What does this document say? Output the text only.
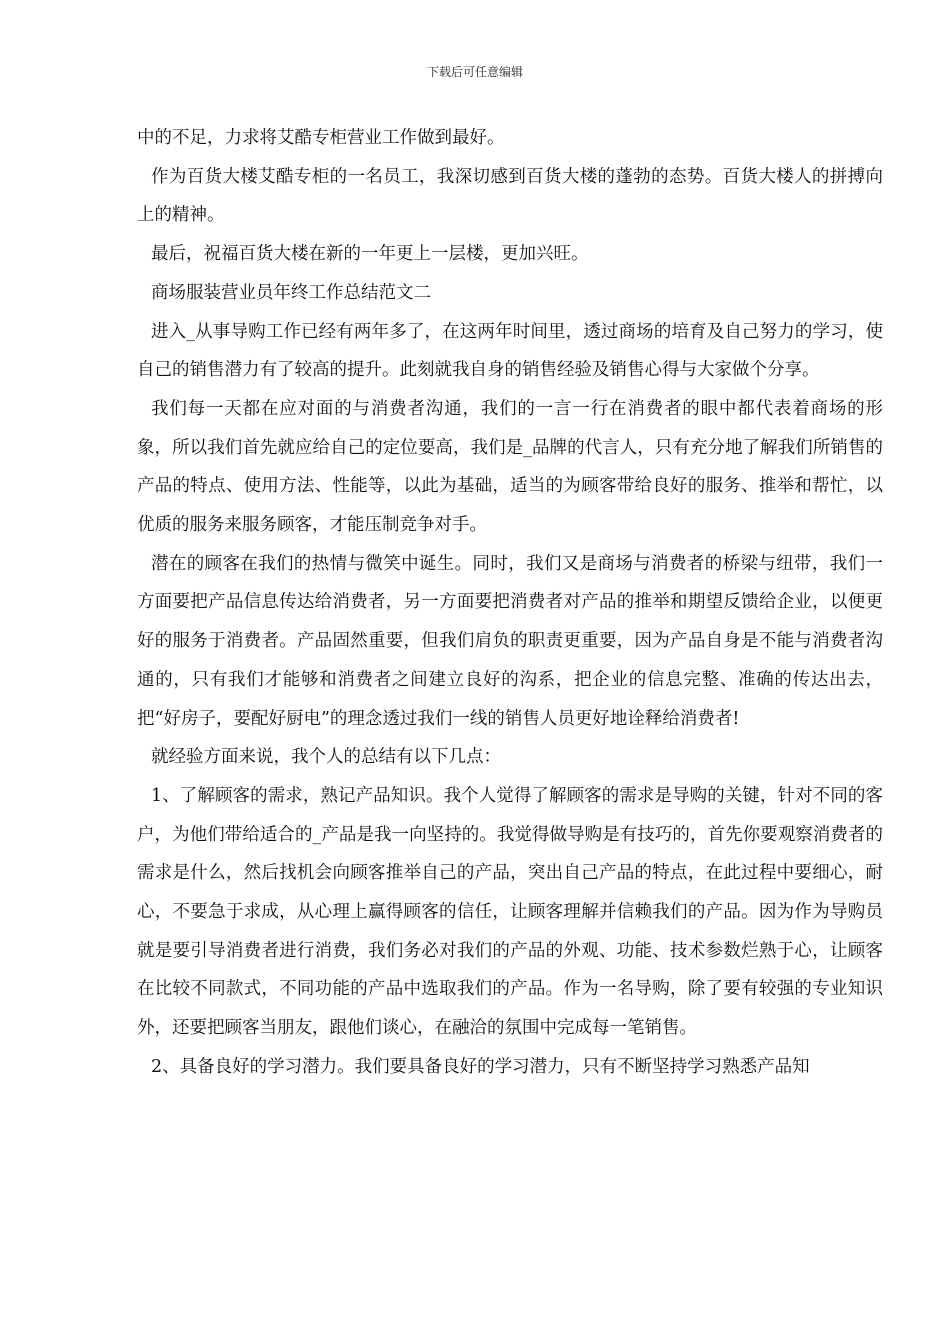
下载后可任意编辑

中的不足，力求将艾酷专柜营业工作做到最好。

作为百货大楼艾酷专柜的一名员工，我深切感到百货大楼的蓬勃的态势。百货大楼人的拼搏向上的精神。

最后，祝福百货大楼在新的一年更上一层楼，更加兴旺。

商场服装营业员年终工作总结范文二

进入_从事导购工作已经有两年多了，在这两年时间里，透过商场的培育及自己努力的学习，使自己的销售潜力有了较高的提升。此刻就我自身的销售经验及销售心得与大家做个分享。

我们每一天都在应对面的与消费者沟通，我们的一言一行在消费者的眼中都代表着商场的形象，所以我们首先就应给自己的定位要高，我们是_品牌的代言人，只有充分地了解我们所销售的产品的特点、使用方法、性能等，以此为基础，适当的为顾客带给良好的服务、推举和帮忙，以优质的服务来服务顾客，才能压制竞争对手。

潜在的顾客在我们的热情与微笑中诞生。同时，我们又是商场与消费者的桥梁与纽带，我们一方面要把产品信息传达给消费者，另一方面要把消费者对产品的推举和期望反馈给企业，以便更好的服务于消费者。产品固然重要，但我们肩负的职责更重要，因为产品自身是不能与消费者沟通的，只有我们才能够和消费者之间建立良好的沟系，把企业的信息完整、准确的传达出去，把“好房子，要配好厨电”的理念透过我们一线的销售人员更好地诠释给消费者!

就经验方面来说，我个人的总结有以下几点：

1、了解顾客的需求，熟记产品知识。我个人觉得了解顾客的需求是导购的关键，针对不同的客户，为他们带给适合的_产品是我一向坚持的。我觉得做导购是有技巧的，首先你要观察消费者的需求是什么，然后找机会向顾客推举自己的产品，突出自己产品的特点，在此过程中要细心，耐心，不要急于求成，从心理上赢得顾客的信任，让顾客理解并信赖我们的产品。因为作为导购员就是要引导消费者进行消费，我们务必对我们的产品的外观、功能、技术参数烂熟于心，让顾客在比较不同款式，不同功能的产品中选取我们的产品。作为一名导购，除了要有较强的专业知识外，还要把顾客当朋友，跟他们谈心，在融洽的氛围中完成每一笔销售。

2、具备良好的学习潜力。我们要具备良好的学习潜力，只有不断坚持学习熟悉产品知
